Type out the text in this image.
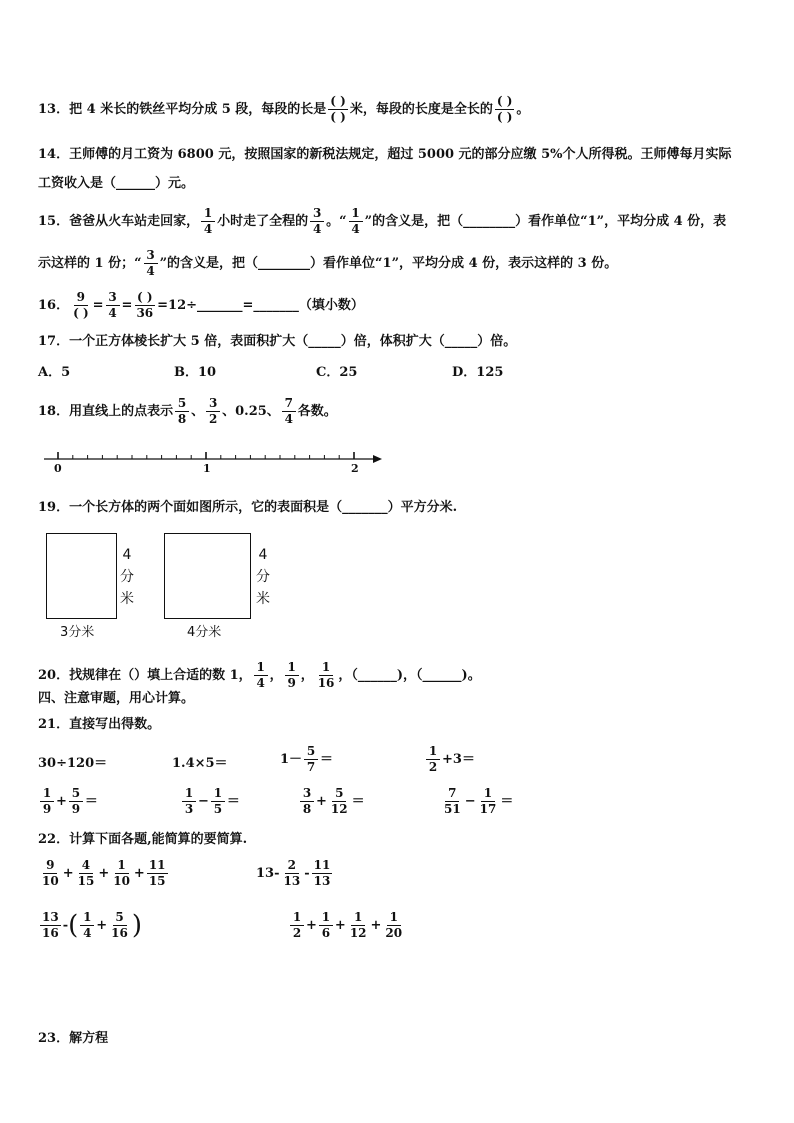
13．把 4 米长的铁丝平均分成 5 段，每段的长是
( )
( ) 米，每段的长度是全长的
( )
( ) 。
14．王师傅的月工资为 6800 元，按照国家的新税法规定，超过 5000 元的部分应缴 5%个人所得税。王师傅每月实际
工资收入是（______）元。
15．爸爸从火车站走回家， $\frac{1}{4}$ 小时走了全程的 $\frac{3}{4}$ 。“ $\frac{1}{4}$ ”的含义是，把（________）看作单位“1”，平均分成 4 份，表
示这样的 1 份；“ $\frac{3}{4}$ ”的含义是，把（________）看作单位“1”，平均分成 4 份，表示这样的 3 份。
16．
9
( ) = $\frac{3}{4}$ =
( )
36 =12÷_______=_______（填小数）
17．一个正方体棱长扩大 5 倍，表面积扩大（_____）倍，体积扩大（_____）倍。
A．5	B．10	C．25	D．125
18．用直线上的点表示 $\frac{5}{8}$ 、 $\frac{3}{2}$ 、0.25、 $\frac{7}{4}$ 各数。
0	1	2
19．一个长方体的两个面如图所示，它的表面积是（_______）平方分米.
4
分
米
3分米
4
分
米
4分米
20．找规律在（）填上合适的数 1， $\frac{1}{4}$ ， $\frac{1}{9}$ ， $\frac{1}{16}$ ，（______)，（______)。
四、注意审题，用心计算。
21．直接写出得数。
30÷120＝	1.4×5＝	$1- \frac{5}{7}$ ＝	$\frac{1}{2} +3=$
$\frac{1}{9} + \frac{5}{9}$ ＝	$\frac{1}{3} - \frac{1}{5}$ ＝	$\frac{3}{8} + \frac{5}{12}$ ＝	$\frac{7}{51} - \frac{1}{17}$ ＝
22．计算下面各题,能简算的要简算.
$\frac{9}{10} + \frac{4}{15} + \frac{1}{10} + \frac{11}{15}$	$13- \frac{2}{13} - \frac{11}{13}$
$\frac{13}{16}$ -( $\frac{1}{4} + \frac{5}{16}$ )	$\frac{1}{2} + \frac{1}{6} + \frac{1}{12} + \frac{1}{20}$
23．解方程
